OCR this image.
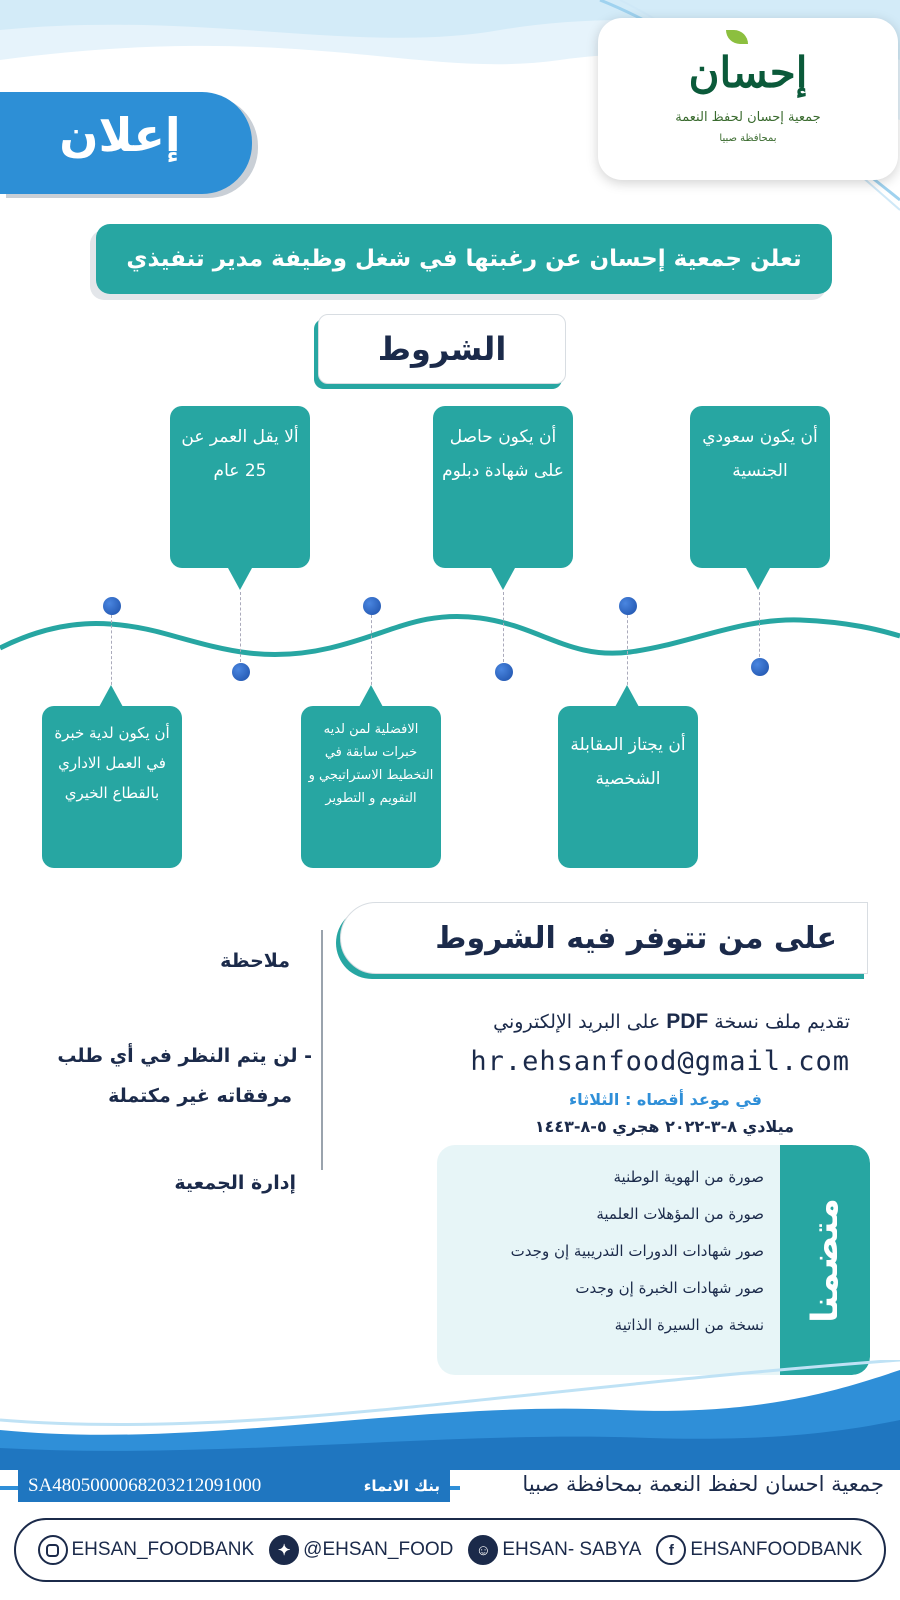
إحسان
جمعية إحسان لحفظ النعمة
بمحافظة صبيا
إعلان
تعلن جمعية إحسان عن رغبتها في شغل وظيفة مدير تنفيذي
الشروط
أن يكون سعودي الجنسية
أن يكون حاصل على شهادة دبلوم
ألا يقل العمر عن 25 عام
أن يجتاز المقابلة الشخصية
الافضلية لمن لديه خبرات سابقة في التخطيط الاستراتيجي و التقويم و التطوير
أن يكون لدية خبرة في العمل الاداري بالقطاع الخيري
على من تتوفر فيه الشروط
تقديم ملف نسخة PDF على البريد الإلكتروني
hr.ehsanfood@gmail.com
في موعد أقصاه : الثلاثاء
ميلادي ٨-٣-٢٠٢٢ هجري ٥-٨-١٤٤٣
متضمنا
صورة من الهوية الوطنية
صورة من المؤهلات العلمية
صور شهادات الدورات التدريبية إن وجدت
صور شهادات الخبرة إن وجدت
نسخة من السيرة الذاتية
ملاحظة
- لن يتم النظر في أي طلب
مرفقاته غير مكتملة
إدارة الجمعية
جمعية احسان لحفظ النعمة بمحافظة صبيا
SA4805000068203212091000	بنك الانماء
EHSAN_FOODBANK	✦ @EHSAN_FOOD	☺ EHSAN- SABYA	f EHSANFOODBANK
